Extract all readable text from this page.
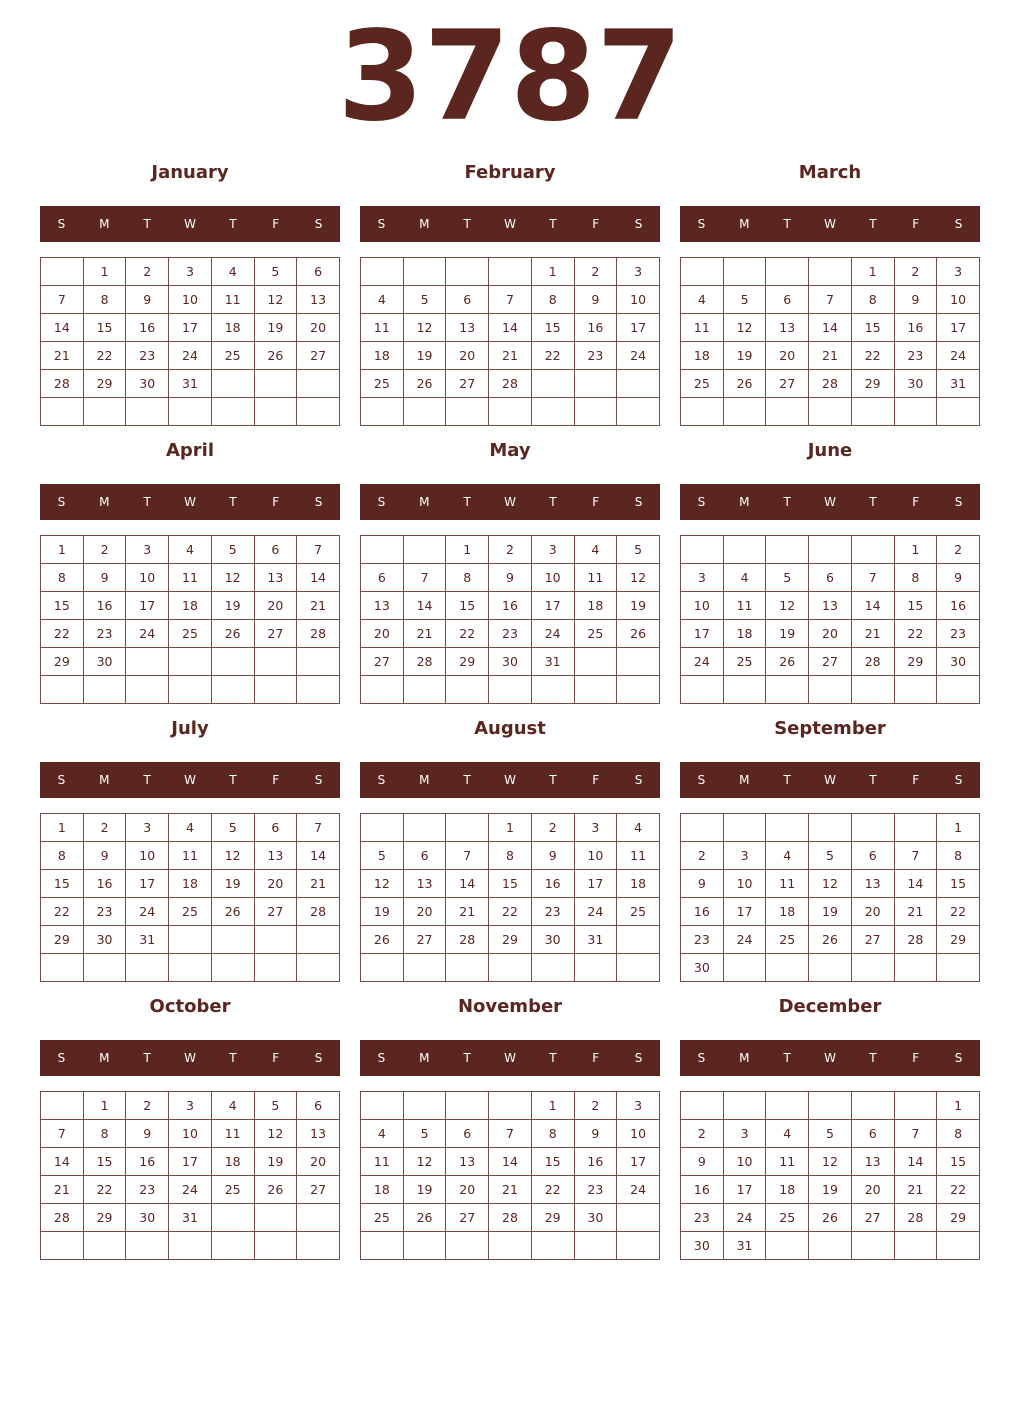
3787
January
S	M	T	W	T	F	S
	1	2	3	4	5	6
7	8	9	10	11	12	13
14	15	16	17	18	19	20
21	22	23	24	25	26	27
28	29	30	31			

February
S	M	T	W	T	F	S
				1	2	3
4	5	6	7	8	9	10
11	12	13	14	15	16	17
18	19	20	21	22	23	24
25	26	27	28			

March
S	M	T	W	T	F	S
				1	2	3
4	5	6	7	8	9	10
11	12	13	14	15	16	17
18	19	20	21	22	23	24
25	26	27	28	29	30	31

April
S	M	T	W	T	F	S
1	2	3	4	5	6	7
8	9	10	11	12	13	14
15	16	17	18	19	20	21
22	23	24	25	26	27	28
29	30					

May
S	M	T	W	T	F	S
		1	2	3	4	5
6	7	8	9	10	11	12
13	14	15	16	17	18	19
20	21	22	23	24	25	26
27	28	29	30	31		

June
S	M	T	W	T	F	S
					1	2
3	4	5	6	7	8	9
10	11	12	13	14	15	16
17	18	19	20	21	22	23
24	25	26	27	28	29	30

July
S	M	T	W	T	F	S
1	2	3	4	5	6	7
8	9	10	11	12	13	14
15	16	17	18	19	20	21
22	23	24	25	26	27	28
29	30	31				

August
S	M	T	W	T	F	S
			1	2	3	4
5	6	7	8	9	10	11
12	13	14	15	16	17	18
19	20	21	22	23	24	25
26	27	28	29	30	31	

September
S	M	T	W	T	F	S
						1
2	3	4	5	6	7	8
9	10	11	12	13	14	15
16	17	18	19	20	21	22
23	24	25	26	27	28	29
30						
October
S	M	T	W	T	F	S
	1	2	3	4	5	6
7	8	9	10	11	12	13
14	15	16	17	18	19	20
21	22	23	24	25	26	27
28	29	30	31			

November
S	M	T	W	T	F	S
				1	2	3
4	5	6	7	8	9	10
11	12	13	14	15	16	17
18	19	20	21	22	23	24
25	26	27	28	29	30	

December
S	M	T	W	T	F	S
						1
2	3	4	5	6	7	8
9	10	11	12	13	14	15
16	17	18	19	20	21	22
23	24	25	26	27	28	29
30	31					
